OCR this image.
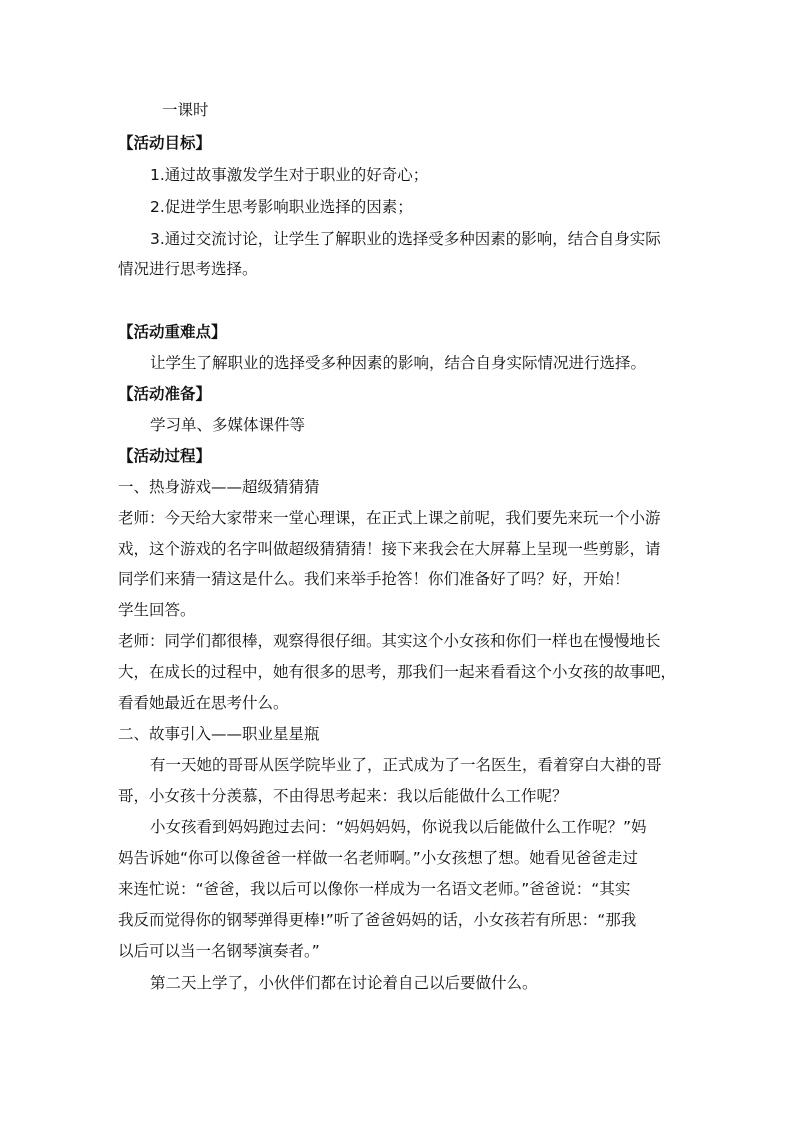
一课时

【活动目标】

1.通过故事激发学生对于职业的好奇心；

2.促进学生思考影响职业选择的因素；

3.通过交流讨论，让学生了解职业的选择受多种因素的影响，结合自身实际

情况进行思考选择。

【活动重难点】

让学生了解职业的选择受多种因素的影响，结合自身实际情况进行选择。

【活动准备】

学习单、多媒体课件等

【活动过程】

一、热身游戏——超级猜猜猜

老师：今天给大家带来一堂心理课，在正式上课之前呢，我们要先来玩一个小游

戏，这个游戏的名字叫做超级猜猜猜！接下来我会在大屏幕上呈现一些剪影，请

同学们来猜一猜这是什么。我们来举手抢答！你们准备好了吗？好，开始！

学生回答。

老师：同学们都很棒，观察得很仔细。其实这个小女孩和你们一样也在慢慢地长

大，在成长的过程中，她有很多的思考，那我们一起来看看这个小女孩的故事吧，

看看她最近在思考什么。

二、故事引入——职业星星瓶

有一天她的哥哥从医学院毕业了，正式成为了一名医生，看着穿白大褂的哥

哥，小女孩十分羡慕，不由得思考起来：我以后能做什么工作呢？

小女孩看到妈妈跑过去问：“妈妈妈妈，你说我以后能做什么工作呢？”妈

妈告诉她“你可以像爸爸一样做一名老师啊。”小女孩想了想。她看见爸爸走过

来连忙说：“爸爸，我以后可以像你一样成为一名语文老师。”爸爸说：“其实

我反而觉得你的钢琴弹得更棒!”听了爸爸妈妈的话，小女孩若有所思：“那我

以后可以当一名钢琴演奏者。”

第二天上学了，小伙伴们都在讨论着自己以后要做什么。
